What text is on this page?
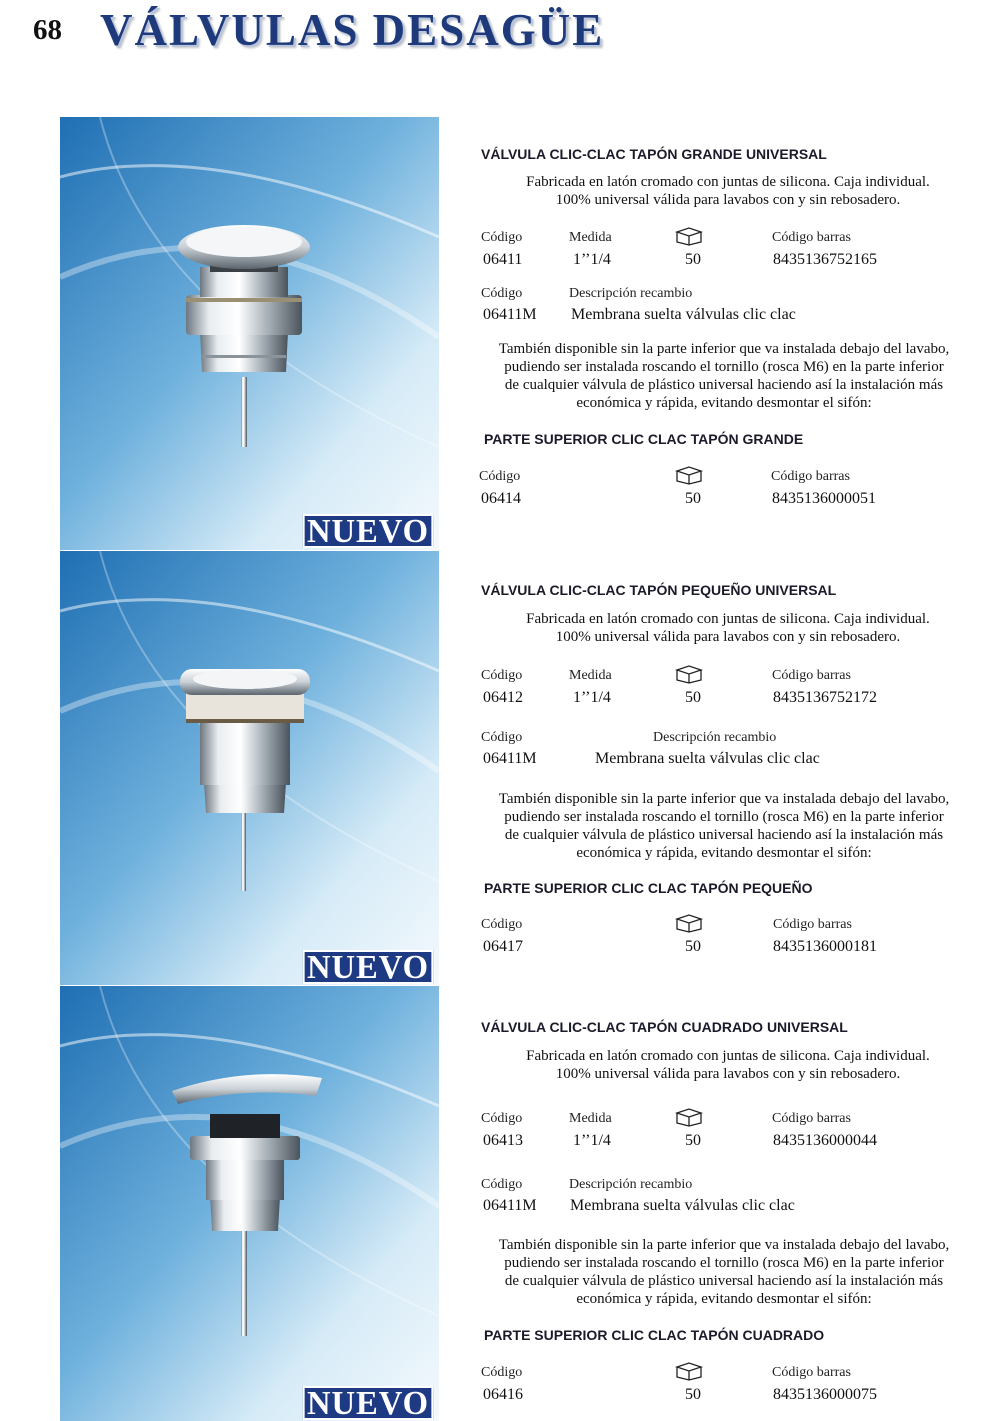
68 VÁLVULAS DESAGÜE
NUEVO
VÁLVULA CLIC-CLAC TAPÓN GRANDE UNIVERSAL
Fabricada en latón cromado con juntas de silicona. Caja individual.
100% universal válida para lavabos con y sin rebosadero.
Código	Medida	Código barras
06411	1’’1/4	50	8435136752165
Código	Descripción recambio
06411M Membrana suelta válvulas clic clac
También disponible sin la parte inferior que va instalada debajo del lavabo,
pudiendo ser instalada roscando el tornillo (rosca M6) en la parte inferior
de cualquier válvula de plástico universal haciendo así la instalación más
económica y rápida, evitando desmontar el sifón:
PARTE SUPERIOR CLIC CLAC TAPÓN GRANDE
Código	Código barras
06414	50	8435136000051
NUEVO
VÁLVULA CLIC-CLAC TAPÓN PEQUEÑO UNIVERSAL
Fabricada en latón cromado con juntas de silicona. Caja individual.
100% universal válida para lavabos con y sin rebosadero.
Código	Medida	Código barras
06412	1’’1/4	50	8435136752172
Código	Descripción recambio
06411M	Membrana suelta válvulas clic clac
También disponible sin la parte inferior que va instalada debajo del lavabo,
pudiendo ser instalada roscando el tornillo (rosca M6) en la parte inferior
de cualquier válvula de plástico universal haciendo así la instalación más
económica y rápida, evitando desmontar el sifón:
PARTE SUPERIOR CLIC CLAC TAPÓN PEQUEÑO
Código	Código barras
06417	50	8435136000181
NUEVO
VÁLVULA CLIC-CLAC TAPÓN CUADRADO UNIVERSAL
Fabricada en latón cromado con juntas de silicona. Caja individual.
100% universal válida para lavabos con y sin rebosadero.
Código	Medida	Código barras
06413	1’’1/4	50	8435136000044
Código	Descripción recambio
06411M Membrana suelta válvulas clic clac
También disponible sin la parte inferior que va instalada debajo del lavabo,
pudiendo ser instalada roscando el tornillo (rosca M6) en la parte inferior
de cualquier válvula de plástico universal haciendo así la instalación más
económica y rápida, evitando desmontar el sifón:
PARTE SUPERIOR CLIC CLAC TAPÓN CUADRADO
Código	Código barras
06416	50	8435136000075
